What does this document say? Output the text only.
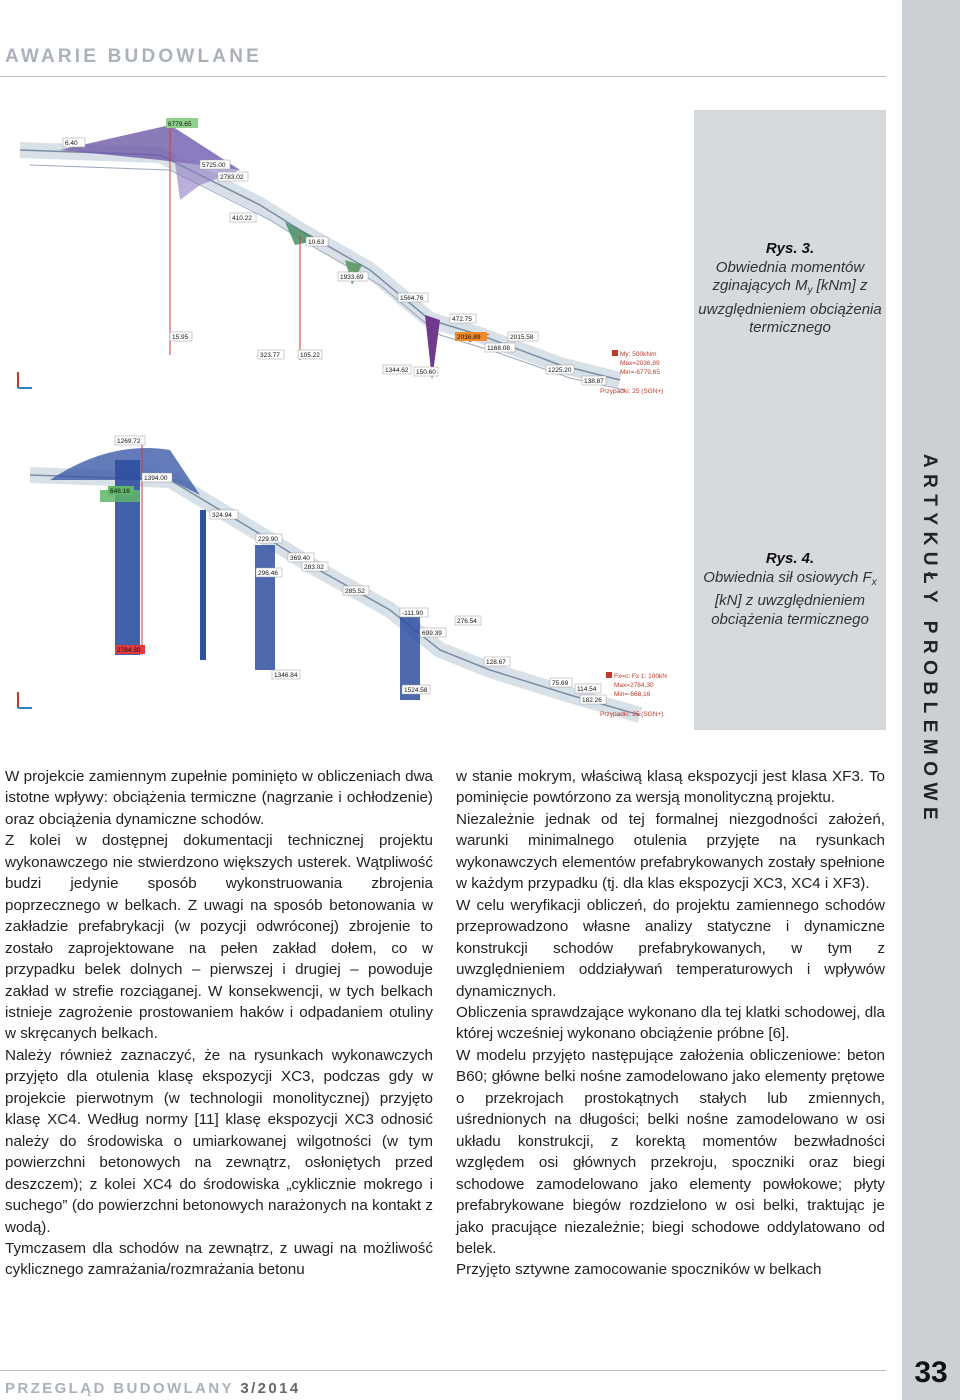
AWARIE BUDOWLANE
ARTYKUŁY PROBLEMOWE
33
6779.65
6.40
5725.00
2783.02
410.22
10.63
1933.69
1564.76
472.75
2036.89	2015.58
1168.08
1225.20
138.87
15.95
323.77	105.22
1344.62 150.60
My: 500kNm
Max=2036,89
Min=-6779,65
Przypadki: 25 (SGN+)
Rys. 3.
Obwiednia momentów zginających $M_y$ [kNm] z uwzględnieniem obciążenia termicznego
1269.72
1394.00
648.16
324.94
229.90
296.46
369.40
283.02
285.52
-111.90
699.39
276.54
128.67
2784.30
1346.84
1524.58
75.69
182.26
114.54
Fx=c: Fx 1: 100kN
Max=2784,30
Min=-668,16
Przypadki: 25 (SGN+)
Rys. 4.
Obwiednia sił osiowych $F_x$ [kN] z uwzględnieniem obciążenia termicznego

W projekcie zamiennym zupełnie pominięto w obliczeniach dwa istotne wpływy: obciążenia termiczne (nagrzanie i ochłodzenie) oraz obciążenia dynamiczne schodów.

Z kolei w dostępnej dokumentacji technicznej projektu wykonawczego nie stwierdzono większych usterek. Wątpliwość budzi jedynie sposób wykonstruowania zbrojenia poprzecznego w belkach. Z uwagi na sposób betonowania w zakładzie prefabrykacji (w pozycji odwróconej) zbrojenie to zostało zaprojektowane na pełen zakład dołem, co w przypadku belek dolnych – pierwszej i drugiej – powoduje zakład w strefie rozciąganej. W konsekwencji, w tych belkach istnieje zagrożenie prostowaniem haków i odpadaniem otuliny w skręcanych belkach.

Należy również zaznaczyć, że na rysunkach wykonawczych przyjęto dla otulenia klasę ekspozycji XC3, podczas gdy w projekcie pierwotnym (w technologii monolitycznej) przyjęto klasę XC4. Według normy [11] klasę ekspozycji XC3 odnosić należy do środowiska o umiarkowanej wilgotności (w tym powierzchni betonowych na zewnątrz, osłoniętych przed deszczem); z kolei XC4 do środowiska „cyklicznie mokrego i suchego” (do powierzchni betonowych narażonych na kontakt z wodą).

Tymczasem dla schodów na zewnątrz, z uwagi na możliwość cyklicznego zamrażania/rozmrażania betonu

w stanie mokrym, właściwą klasą ekspozycji jest klasa XF3. To pominięcie powtórzono za wersją monolityczną projektu.

Niezależnie jednak od tej formalnej niezgodności założeń, warunki minimalnego otulenia przyjęte na rysunkach wykonawczych elementów prefabrykowanych zostały spełnione w każdym przypadku (tj. dla klas ekspozycji XC3, XC4 i XF3).

W celu weryfikacji obliczeń, do projektu zamiennego schodów przeprowadzono własne analizy statyczne i dynamiczne konstrukcji schodów prefabrykowanych, w tym z uwzględnieniem oddziaływań temperaturowych i wpływów dynamicznych.

Obliczenia sprawdzające wykonano dla tej klatki schodowej, dla której wcześniej wykonano obciążenie próbne [6].

W modelu przyjęto następujące założenia obliczeniowe: beton B60; główne belki nośne zamodelowano jako elementy prętowe o przekrojach prostokątnych stałych lub zmiennych, uśrednionych na długości; belki nośne zamodelowano w osi układu konstrukcji, z korektą momentów bezwładności względem osi głównych przekroju, spoczniki oraz biegi schodowe zamodelowano jako elementy powłokowe; płyty prefabrykowane biegów rozdzielono w osi belki, traktując je jako pracujące niezależnie; biegi schodowe oddylatowano od belek.

Przyjęto sztywne zamocowanie spoczników w belkach

PRZEGLĄD BUDOWLANY 3/2014
